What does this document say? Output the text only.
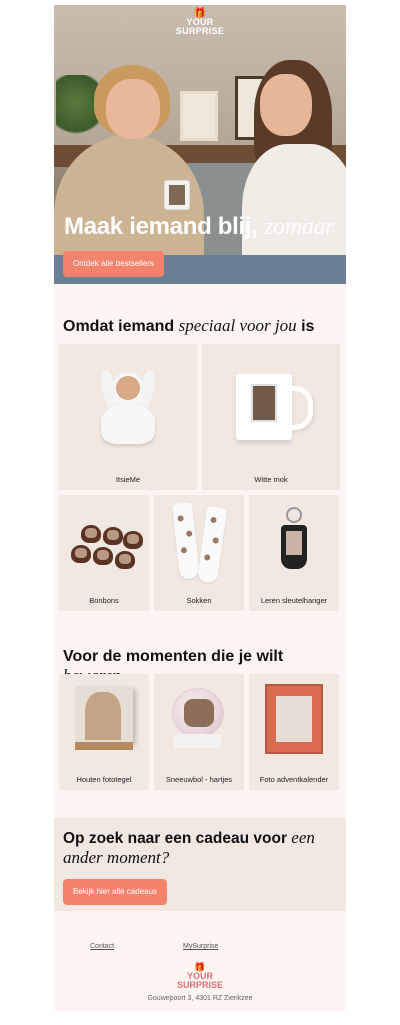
🎁
YOUR
SURPRISE
Maak iemand blij, zomaar
Ontdek alle bestsellers
Omdat iemand speciaal voor jou is
ItsieMe	Witte mok
Bonbons	Sokken	Leren sleutelhanger
Voor de momenten die je wilt
Houten fototegel	Sneeuwbol - hartjes	Foto adventkalender
Op zoek naar een cadeau voor een ander moment?
Bekijk hier alle cadeaus
Contact	MySurprise
🎁
YOUR
SURPRISE
Gouwepoort 3, 4301 RZ Zierikzee
